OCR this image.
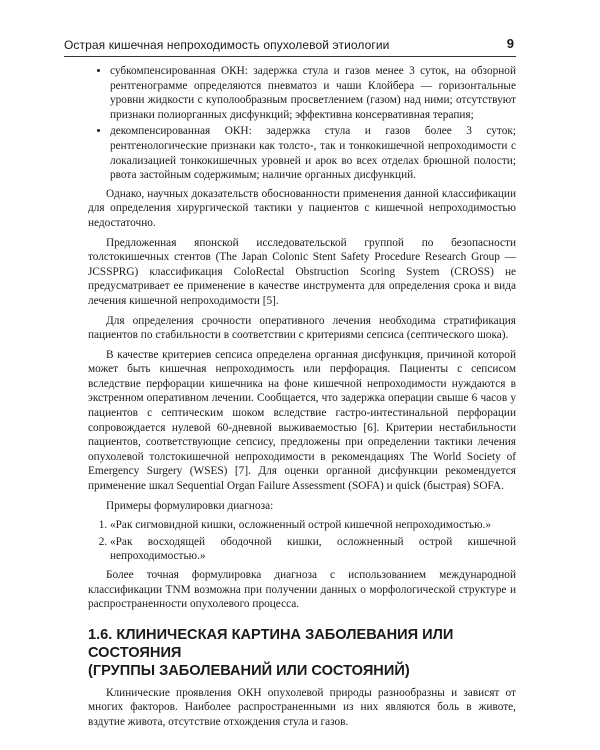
Острая кишечная непроходимость опухолевой этиологии	9
• субкомпенсированная ОКН: задержка стула и газов менее 3 суток, на обзорной рентгенограмме определяются пневматоз и чаши Клойбера — горизонтальные уровни жидкости с куполообразным просветлением (газом) над ними; отсутствуют признаки полиорганных дисфункций; эффективна консервативная терапия;
• декомпенсированная ОКН: задержка стула и газов более 3 суток; рентгенологические признаки как толсто-, так и тонкокишечной непроходимости с локализацией тонкокишечных уровней и арок во всех отделах брюшной полости; рвота застойным содержимым; наличие органных дисфункций.

Однако, научных доказательств обоснованности применения данной классификации для определения хирургической тактики у пациентов с кишечной непроходимостью недостаточно.

Предложенная японской исследовательской группой по безопасности толстокишечных стентов (The Japan Colonic Stent Safety Procedure Research Group — JCSSPRG) классификация ColoRectal Obstruction Scoring System (CROSS) не предусматривает ее применение в качестве инструмента для определения срока и вида лечения кишечной непроходимости [5].

Для определения срочности оперативного лечения необходима стратификация пациентов по стабильности в соответствии с критериями сепсиса (септического шока).

В качестве критериев сепсиса определена органная дисфункция, причиной которой может быть кишечная непроходимость или перфорация. Пациенты с сепсисом вследствие перфорации кишечника на фоне кишечной непроходимости нуждаются в экстренном оперативном лечении. Сообщается, что задержка операции свыше 6 часов у пациентов с септическим шоком вследствие гастро-интестинальной перфорации сопровождается нулевой 60-дневной выживаемостью [6]. Критерии нестабильности пациентов, соответствующие сепсису, предложены при определении тактики лечения опухолевой толстокишечной непроходимости в рекомендациях The World Society of Emergency Surgery (WSES) [7]. Для оценки органной дисфункции рекомендуется применение шкал Sequential Organ Failure Assessment (SOFA) и quick (быстрая) SOFA.

Примеры формулировки диагноза:

1. «Рак сигмовидной кишки, осложненный острой кишечной непроходимостью.»
2. «Рак восходящей ободочной кишки, осложненный острой кишечной непроходимостью.»

Более точная формулировка диагноза с использованием международной классификации TNM возможна при получении данных о морфологической структуре и распространенности опухолевого процесса.

1.6. КЛИНИЧЕСКАЯ КАРТИНА ЗАБОЛЕВАНИЯ ИЛИ СОСТОЯНИЯ
(ГРУППЫ ЗАБОЛЕВАНИЙ ИЛИ СОСТОЯНИЙ)

Клинические проявления ОКН опухолевой природы разнообразны и зависят от многих факторов. Наиболее распространенными из них являются боль в животе, вздутие живота, отсутствие отхождения стула и газов.
